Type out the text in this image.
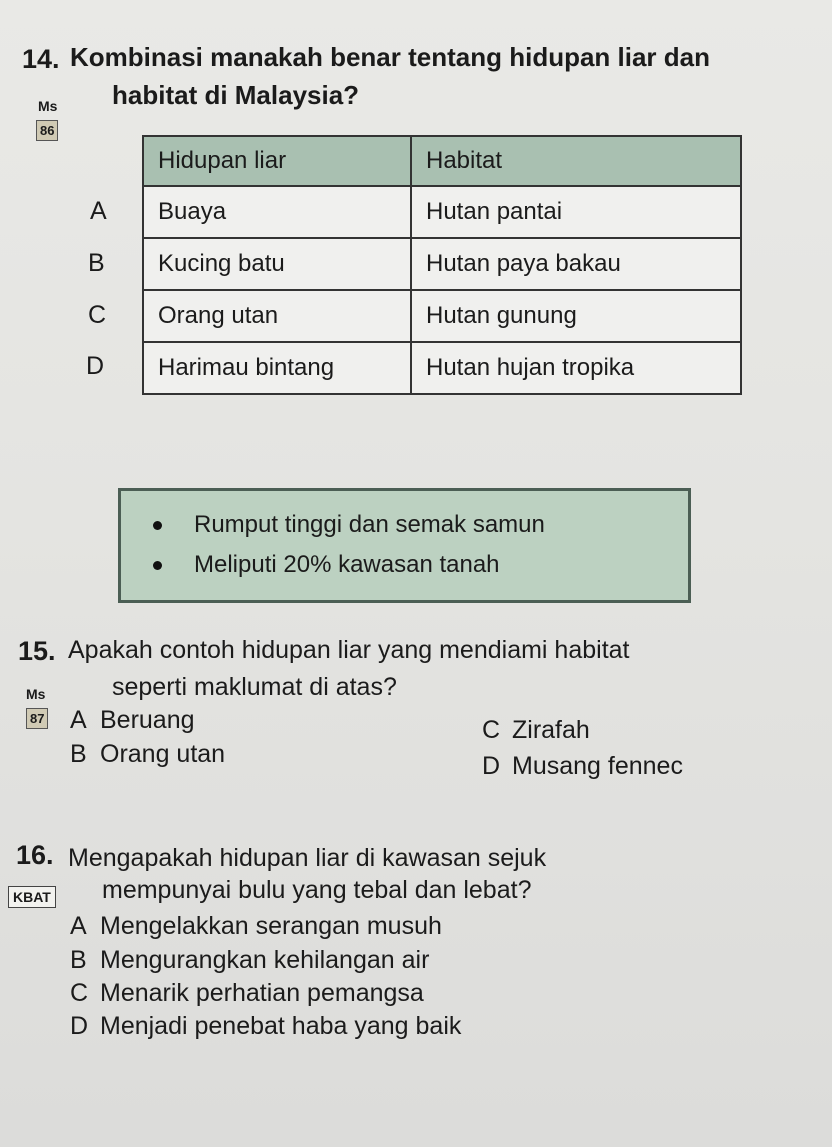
14. Kombinasi manakah benar tentang hidupan liar dan
Ms habitat di Malaysia?
86
A
B
C
D
Hidupan liar	Habitat
Buaya	Hutan pantai
Kucing batu	Hutan paya bakau
Orang utan	Hutan gunung
Harimau bintang	Hutan hujan tropika
Rumput tinggi dan semak samun
Meliputi 20% kawasan tanah
15. Apakah contoh hidupan liar yang mendiami habitat
Ms	seperti maklumat di atas?
87 A Beruang
B Orang utan
C Zirafah
D Musang fennec
16. Mengapakah hidupan liar di kawasan sejuk
KBAT mempunyai bulu yang tebal dan lebat?
A Mengelakkan serangan musuh
B Mengurangkan kehilangan air
C Menarik perhatian pemangsa
D Menjadi penebat haba yang baik
